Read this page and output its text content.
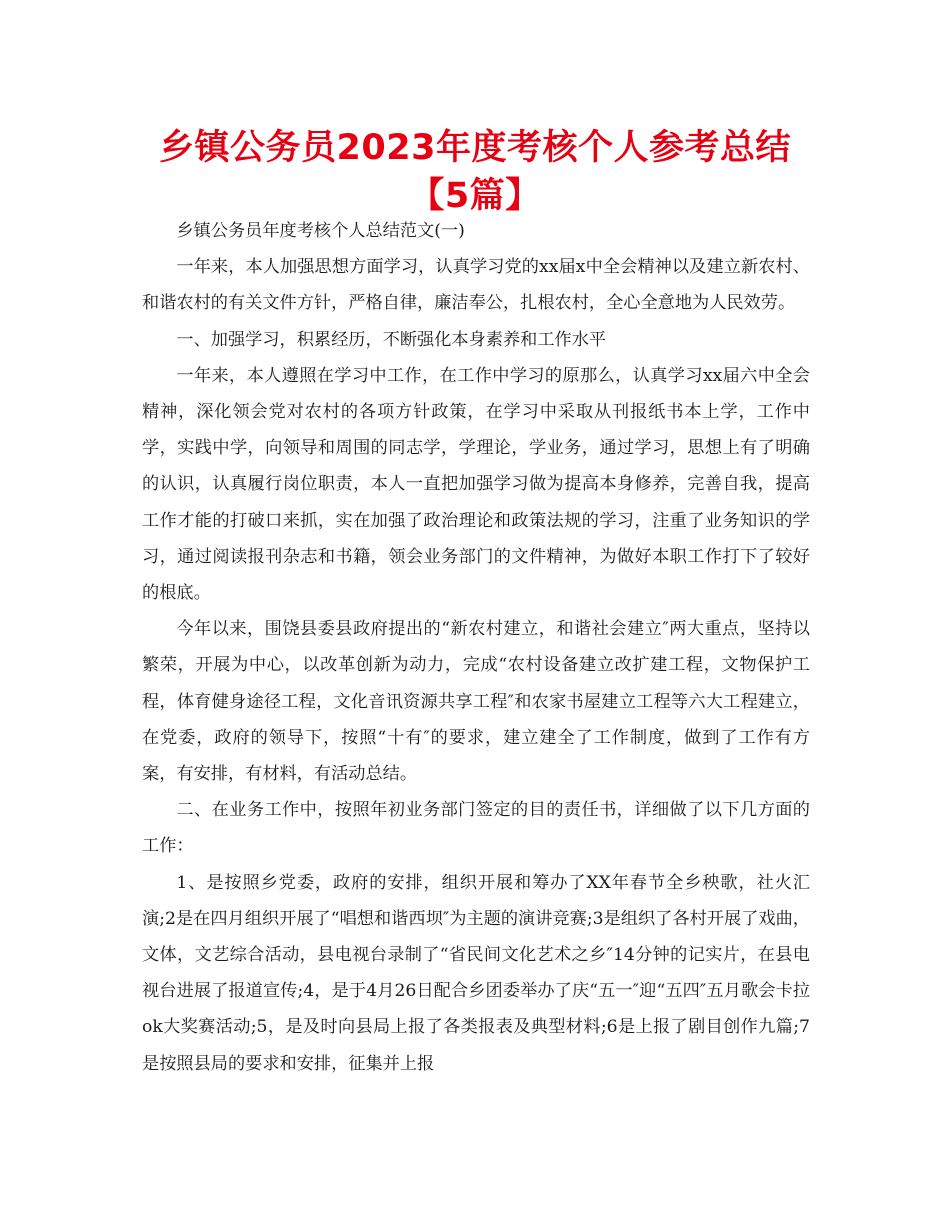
乡镇公务员2023年度考核个人参考总结【5篇】

乡镇公务员年度考核个人总结范文(一)

一年来，本人加强思想方面学习，认真学习党的xx届x中全会精神以及建立新农村、和谐农村的有关文件方针，严格自律，廉洁奉公，扎根农村，全心全意地为人民效劳。

一、加强学习，积累经历，不断强化本身素养和工作水平

一年来，本人遵照在学习中工作，在工作中学习的原那么，认真学习xx届六中全会精神，深化领会党对农村的各项方针政策，在学习中采取从刊报纸书本上学，工作中学，实践中学，向领导和周围的同志学，学理论，学业务，通过学习，思想上有了明确的认识，认真履行岗位职责，本人一直把加强学习做为提高本身修养，完善自我，提高工作才能的打破口来抓，实在加强了政治理论和政策法规的学习，注重了业务知识的学习，通过阅读报刊杂志和书籍，领会业务部门的文件精神，为做好本职工作打下了较好的根底。

今年以来，围饶县委县政府提出的“新农村建立，和谐社会建立″两大重点，坚持以繁荣，开展为中心，以改革创新为动力，完成“农村设备建立改扩建工程，文物保护工程，体育健身途径工程，文化音讯资源共享工程″和农家书屋建立工程等六大工程建立，在党委，政府的领导下，按照“十有″的要求，建立建全了工作制度，做到了工作有方案，有安排，有材料，有活动总结。

二、在业务工作中，按照年初业务部门签定的目的责任书，详细做了以下几方面的工作：

1、是按照乡党委，政府的安排，组织开展和筹办了XX年春节全乡秧歌，社火汇演;2是在四月组织开展了“唱想和谐西坝″为主题的演讲竞赛;3是组织了各村开展了戏曲，文体，文艺综合活动，县电视台录制了“省民间文化艺术之乡″14分钟的记实片，在县电视台进展了报道宣传;4，是于4月26日配合乡团委举办了庆“五一″迎“五四″五月歌会卡拉ok大奖赛活动;5，是及时向县局上报了各类报表及典型材料;6是上报了剧目创作九篇;7是按照县局的要求和安排，征集并上报
